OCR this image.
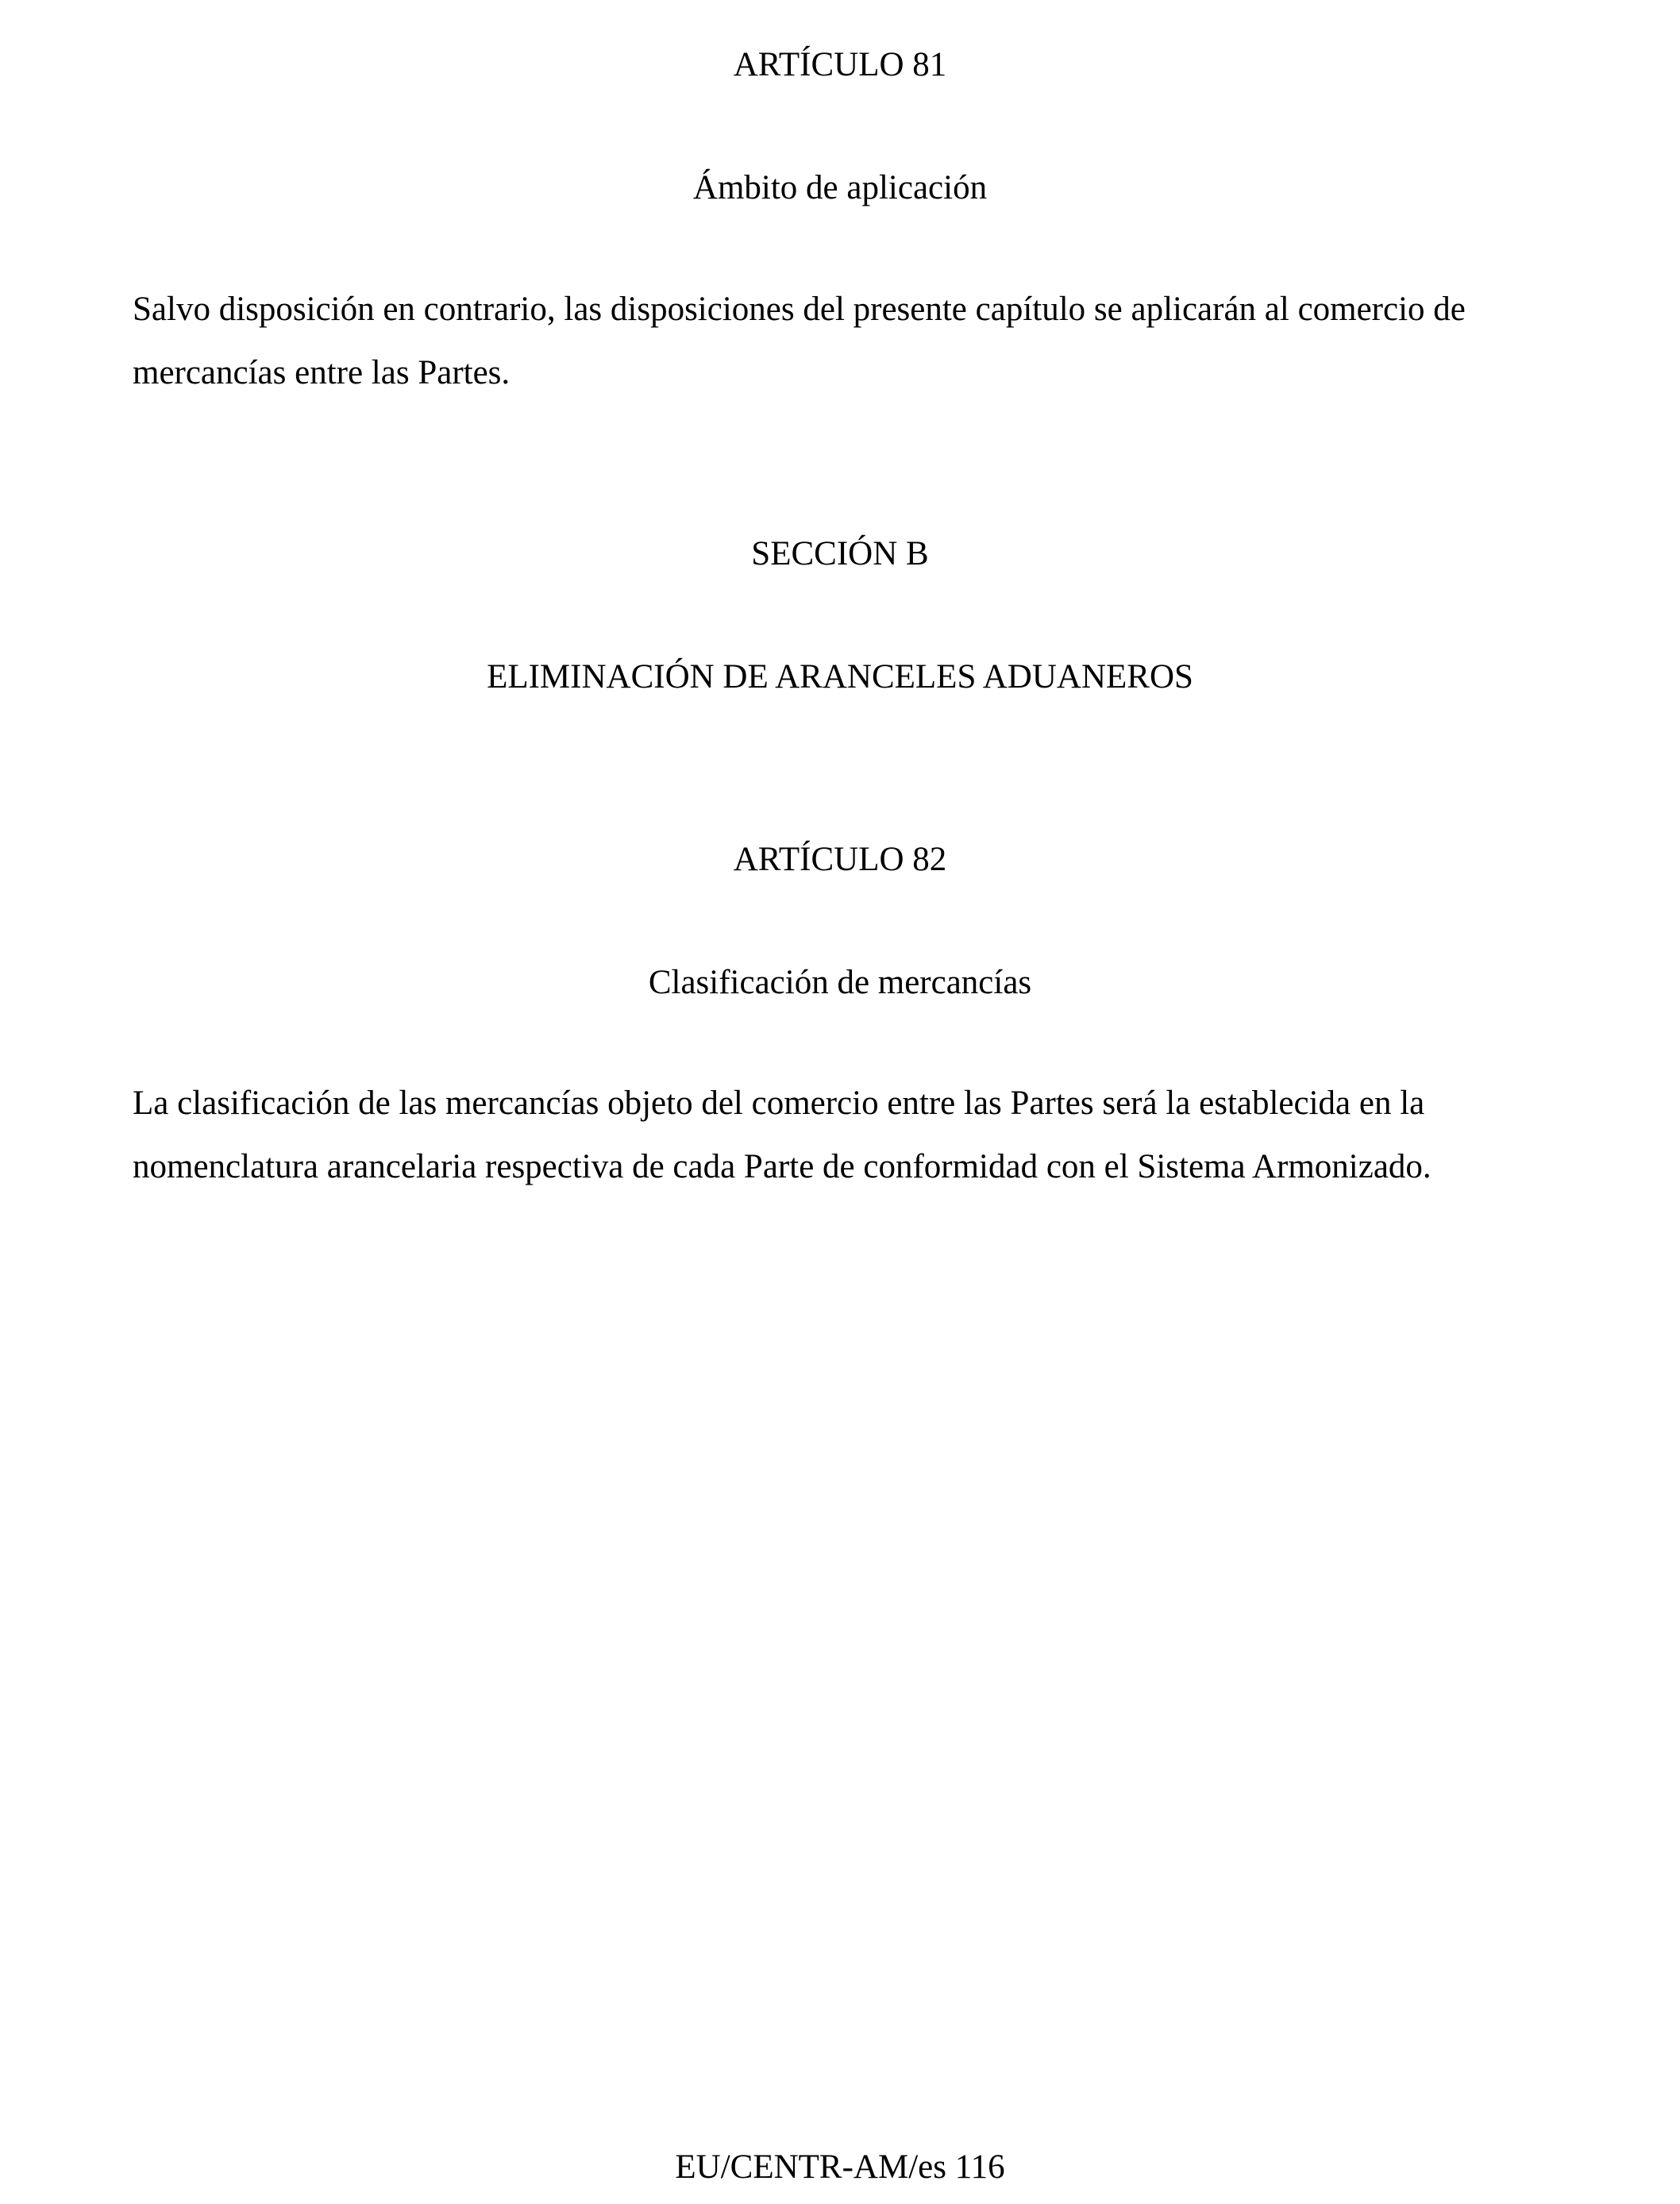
ARTÍCULO 81
Ámbito de aplicación
Salvo disposición en contrario, las disposiciones del presente capítulo se aplicarán al comercio de
mercancías entre las Partes.
SECCIÓN B
ELIMINACIÓN DE ARANCELES ADUANEROS
ARTÍCULO 82
Clasificación de mercancías
La clasificación de las mercancías objeto del comercio entre las Partes será la establecida en la
nomenclatura arancelaria respectiva de cada Parte de conformidad con el Sistema Armonizado.
EU/CENTR-AM/es 116
